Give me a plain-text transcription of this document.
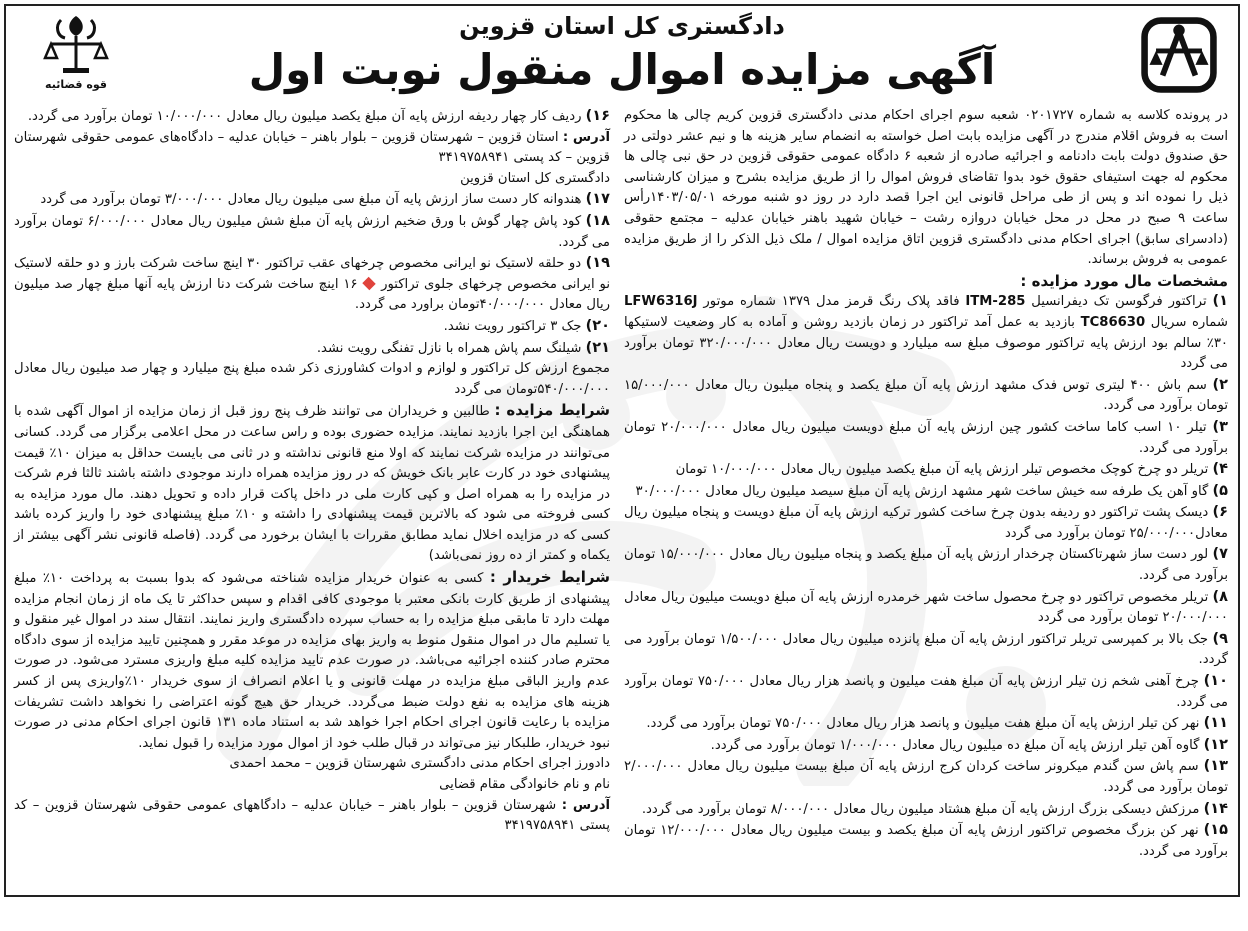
دادگستری کل استان قزوین
آگهی مزایده اموال منقول نوبت اول
قوه قضائیه

در پرونده کلاسه به شماره ۰۲۰۱۷۲۷ شعبه سوم اجرای احکام مدنی دادگستری قزوین کریم چالی ها محکوم است به فروش اقلام مندرج در آگهی مزایده بابت اصل خواسته به انضمام سایر هزینه ها و نیم عشر دولتی در حق صندوق دولت بابت دادنامه و اجرائیه صادره از شعبه ۶ دادگاه عمومی حقوقی قزوین در حق نبی چالی ها محکوم له جهت استیفای حقوق خود بدوا تقاضای فروش اموال را از طریق مزایده بشرح و میزان کارشناسی ذیل را نموده اند و پس از طی مراحل قانونی این اجرا قصد دارد در روز دو شنبه مورخه ۱۴۰۳/۰۵/۰۱رأس ساعت ۹ صبح در محل در محل خیابان دروازه رشت – خیابان شهید باهنر خیابان عدلیه – مجتمع حقوقی (دادسرای سابق) اجرای احکام مدنی دادگستری قزوین اتاق مزایده اموال / ملک ذیل الذکر را از طریق مزایده عمومی به فروش برساند.

مشخصات مال مورد مزایده :

۱) تراکتور فرگوسن تک دیفرانسیل ITM-285 فاقد پلاک رنگ قرمز مدل ۱۳۷۹ شماره موتور LFW6316J شماره سریال TC86630 بازدید به عمل آمد تراکتور در زمان بازدید روشن و آماده به کار وضعیت لاستیکها ۳۰٪ سالم بود ارزش پایه تراکتور موصوف مبلغ سه میلیارد و دویست ریال معادل ۳۲۰/۰۰۰/۰۰۰ تومان برآورد می گردد

۲) سم باش ۴۰۰ لیتری توس فدک مشهد ارزش پایه آن مبلغ یکصد و پنجاه میلیون ریال معادل ۱۵/۰۰۰/۰۰۰ تومان برآورد می گردد.

۳) تیلر ۱۰ اسب کاما ساخت کشور چین ارزش پایه آن مبلغ دویست میلیون ریال معادل ۲۰/۰۰۰/۰۰۰ تومان برآورد می گردد.

۴) تریلر دو چرخ کوچک مخصوص تیلر ارزش پایه آن مبلغ یکصد میلیون ریال معادل ۱۰/۰۰۰/۰۰۰ تومان

۵) گاو آهن یک طرفه سه خیش ساخت شهر مشهد ارزش پایه آن مبلغ سیصد میلیون ریال معادل ۳۰/۰۰۰/۰۰۰

۶) دیسک پشت تراکتور دو ردیفه بدون چرخ ساخت کشور ترکیه ارزش پایه آن مبلغ دویست و پنجاه میلیون ریال معادل۲۵/۰۰۰/۰۰۰ تومان برآورد می گردد

۷) لور دست ساز شهرتاکستان چرخدار ارزش پایه آن مبلغ یکصد و پنجاه میلیون ریال معادل ۱۵/۰۰۰/۰۰۰ تومان برآورد می گردد.

۸) تریلر مخصوص تراکتور دو چرخ محصول ساخت شهر خرمدره ارزش پایه آن مبلغ دویست میلیون ریال معادل ۲۰/۰۰۰/۰۰۰ تومان برآورد می گردد

۹) جک بالا بر کمپرسی تریلر تراکتور ارزش پایه آن مبلغ پانزده میلیون ریال معادل ۱/۵۰۰/۰۰۰ تومان برآورد می گردد.

۱۰) چرخ آهنی شخم زن تیلر ارزش پایه آن مبلغ هفت میلیون و پانصد هزار ریال معادل ۷۵۰/۰۰۰ تومان برآورد می گردد.

۱۱) نهر کن تیلر ارزش پایه آن مبلغ هفت میلیون و پانصد هزار ریال معادل ۷۵۰/۰۰۰ تومان برآورد می گردد.

۱۲) گاوه آهن تیلر ارزش پایه آن مبلغ ده میلیون ریال معادل ۱/۰۰۰/۰۰۰ تومان برآورد می گردد.

۱۳) سم پاش سن گندم میکرونر ساخت کردان کرج ارزش پایه آن مبلغ بیست میلیون ریال معادل ۲/۰۰۰/۰۰۰ تومان برآورد می گردد.

۱۴) مرزکش دیسکی بزرگ ارزش پایه آن مبلغ هشتاد میلیون ریال معادل ۸/۰۰۰/۰۰۰ تومان برآورد می گردد.

۱۵) نهر کن بزرگ مخصوص تراکتور ارزش پایه آن مبلغ یکصد و بیست میلیون ریال معادل ۱۲/۰۰۰/۰۰۰ تومان برآورد می گردد.

۱۶) ردیف کار چهار ردیفه ارزش پایه آن مبلغ یکصد میلیون ریال معادل ۱۰/۰۰۰/۰۰۰ تومان برآورد می گردد.

آدرس : استان قزوین – شهرستان قزوین – بلوار باهنر – خیابان عدلیه – دادگاه‌های عمومی حقوقی شهرستان قزوین – کد پستی ۳۴۱۹۷۵۸۹۴۱

دادگستری کل استان قزوین

۱۷) هندوانه کار دست ساز ارزش پایه آن مبلغ سی میلیون ریال معادل ۳/۰۰۰/۰۰۰ تومان برآورد می گردد

۱۸) کود پاش چهار گوش با ورق ضخیم ارزش پایه آن مبلغ شش میلیون ریال معادل ۶/۰۰۰/۰۰۰ تومان برآورد می گردد.

۱۹) دو حلقه لاستیک نو ایرانی مخصوص چرخهای عقب تراکتور ۳۰ اینچ ساخت شرکت بارز و دو حلقه لاستیک نو ایرانی مخصوص چرخهای جلوی تراکتور  ۱۶ اینچ ساخت شرکت دنا ارزش پایه آنها مبلغ چهار صد میلیون ریال معادل ۴۰/۰۰۰/۰۰۰تومان براورد می گردد.

۲۰) جک ۳ تراکتور رویت نشد.

۲۱) شیلنگ سم پاش همراه با نازل تفنگی رویت نشد.

مجموع ارزش کل تراکتور و لوازم و ادوات کشاورزی ذکر شده مبلغ پنج میلیارد و چهار صد میلیون ریال معادل ۵۴۰/۰۰۰/۰۰۰تومان می گردد

شرایط مزایده : طالبین و خریداران می توانند ظرف پنج روز قبل از زمان مزایده از اموال آگهی شده با هماهنگی این اجرا بازدید نمایند. مزایده حضوری بوده و راس ساعت در محل اعلامی برگزار می گردد. کسانی می‌توانند در مزایده شرکت نمایند که اولا منع قانونی نداشته و در ثانی می بایست حداقل به میزان ۱۰٪ قیمت پیشنهادی خود در کارت عابر بانک خویش که در روز مزایده همراه دارند موجودی داشته باشند ثالثا فرم شرکت در مزایده را به همراه اصل و کپی کارت ملی در داخل پاکت قرار داده و تحویل دهند. مال مورد مزایده به کسی فروخته می شود که بالاترین قیمت پیشنهادی را داشته و ۱۰٪ مبلغ پیشنهادی خود را واریز کرده باشد کسی که در مزایده اخلال نماید مطابق مقررات با ایشان برخورد می گردد. (فاصله قانونی نشر آگهی بیشتر از یکماه و کمتر از ده روز نمی‌باشد)

شرایط خریدار : کسی به عنوان خریدار مزایده شناخته می‌شود که بدوا بسبت به پرداخت ۱۰٪ مبلغ پیشنهادی از طریق کارت بانکی معتبر با موجودی کافی اقدام و سپس حداکثر تا یک ماه از زمان انجام مزایده مهلت دارد تا مابقی مبلغ مزایده را به حساب سپرده دادگستری واریز نمایند. انتقال سند در اموال غیر منقول و یا تسلیم مال در اموال منقول منوط به واریز بهای مزایده در موعد مقرر و همچنین تایید مزایده از سوی دادگاه محترم صادر کننده اجرائیه می‌باشد. در صورت عدم تایید مزایده کلیه مبلغ واریزی مسترد می‌شود. در صورت عدم واریز الباقی مبلغ مزایده در مهلت قانونی و یا اعلام انصراف از سوی خریدار ۱۰٪واریزی پس از کسر هزینه های مزایده به نفع دولت ضبط می‌گردد. خریدار حق هیچ گونه اعتراضی را نخواهد داشت تشریفات مزایده با رعایت قانون اجرای احکام اجرا خواهد شد به استناد ماده ۱۳۱ قانون اجرای احکام مدنی در صورت نبود خریدار، طلبکار نیز می‌تواند در قبال طلب خود از اموال مورد مزایده را قبول نماید.

دادورز اجرای احکام مدنی دادگستری شهرستان قزوین – محمد احمدی

نام و نام خانوادگی مقام قضایی

آدرس : شهرستان قزوین – بلوار باهنر – خیابان عدلیه – دادگاههای عمومی حقوقی شهرستان قزوین – کد پستی ۳۴۱۹۷۵۸۹۴۱
